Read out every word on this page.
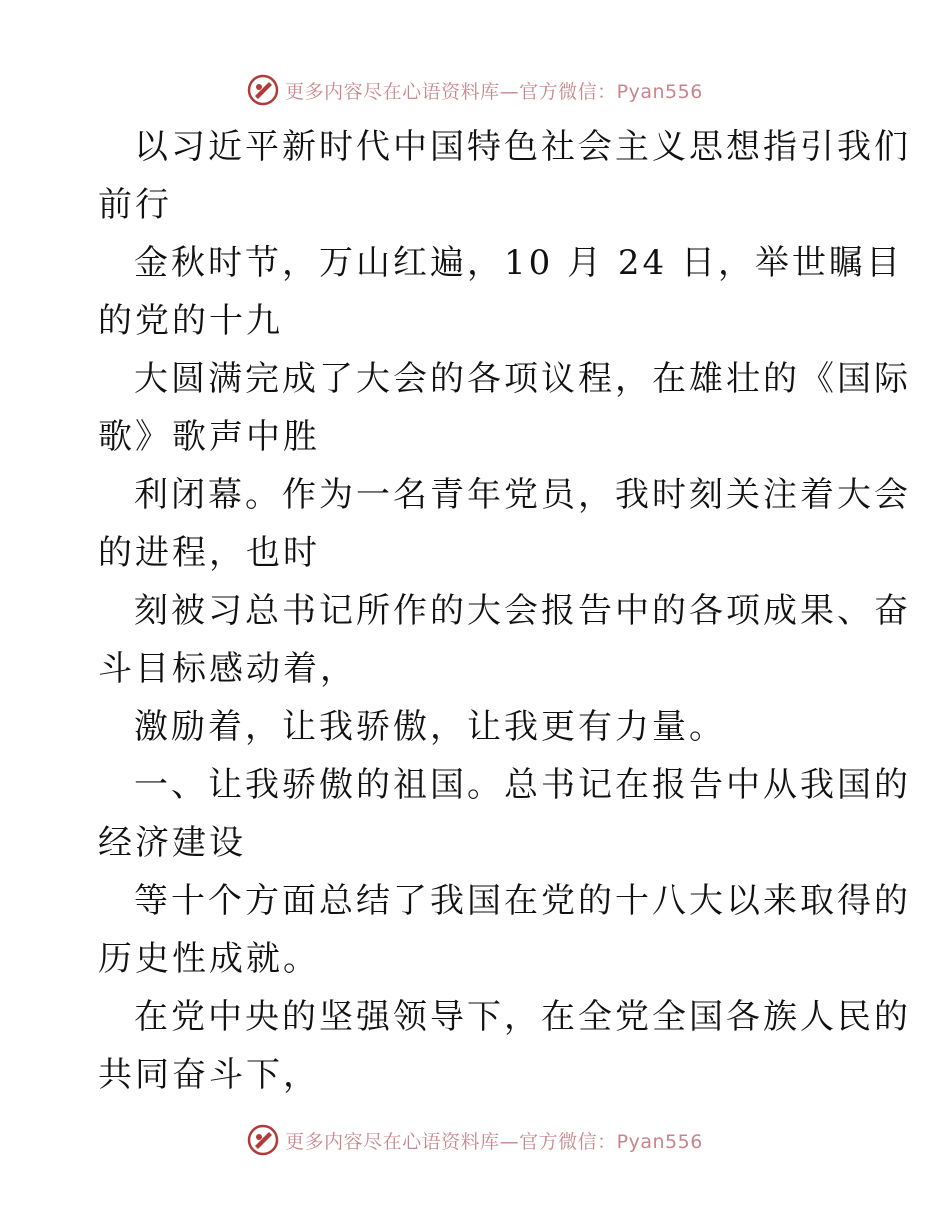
更多内容尽在心语资料库—官方微信：Pyan556

以习近平新时代中国特色社会主义思想指引我们

前行

金秋时节，万山红遍，10 月 24 日，举世瞩目

的党的十九

大圆满完成了大会的各项议程，在雄壮的《国际

歌》歌声中胜

利闭幕。作为一名青年党员，我时刻关注着大会

的进程，也时

刻被习总书记所作的大会报告中的各项成果、奋

斗目标感动着，

激励着，让我骄傲，让我更有力量。

一、让我骄傲的祖国。总书记在报告中从我国的

经济建设

等十个方面总结了我国在党的十八大以来取得的

历史性成就。

在党中央的坚强领导下，在全党全国各族人民的

共同奋斗下，

更多内容尽在心语资料库—官方微信：Pyan556
